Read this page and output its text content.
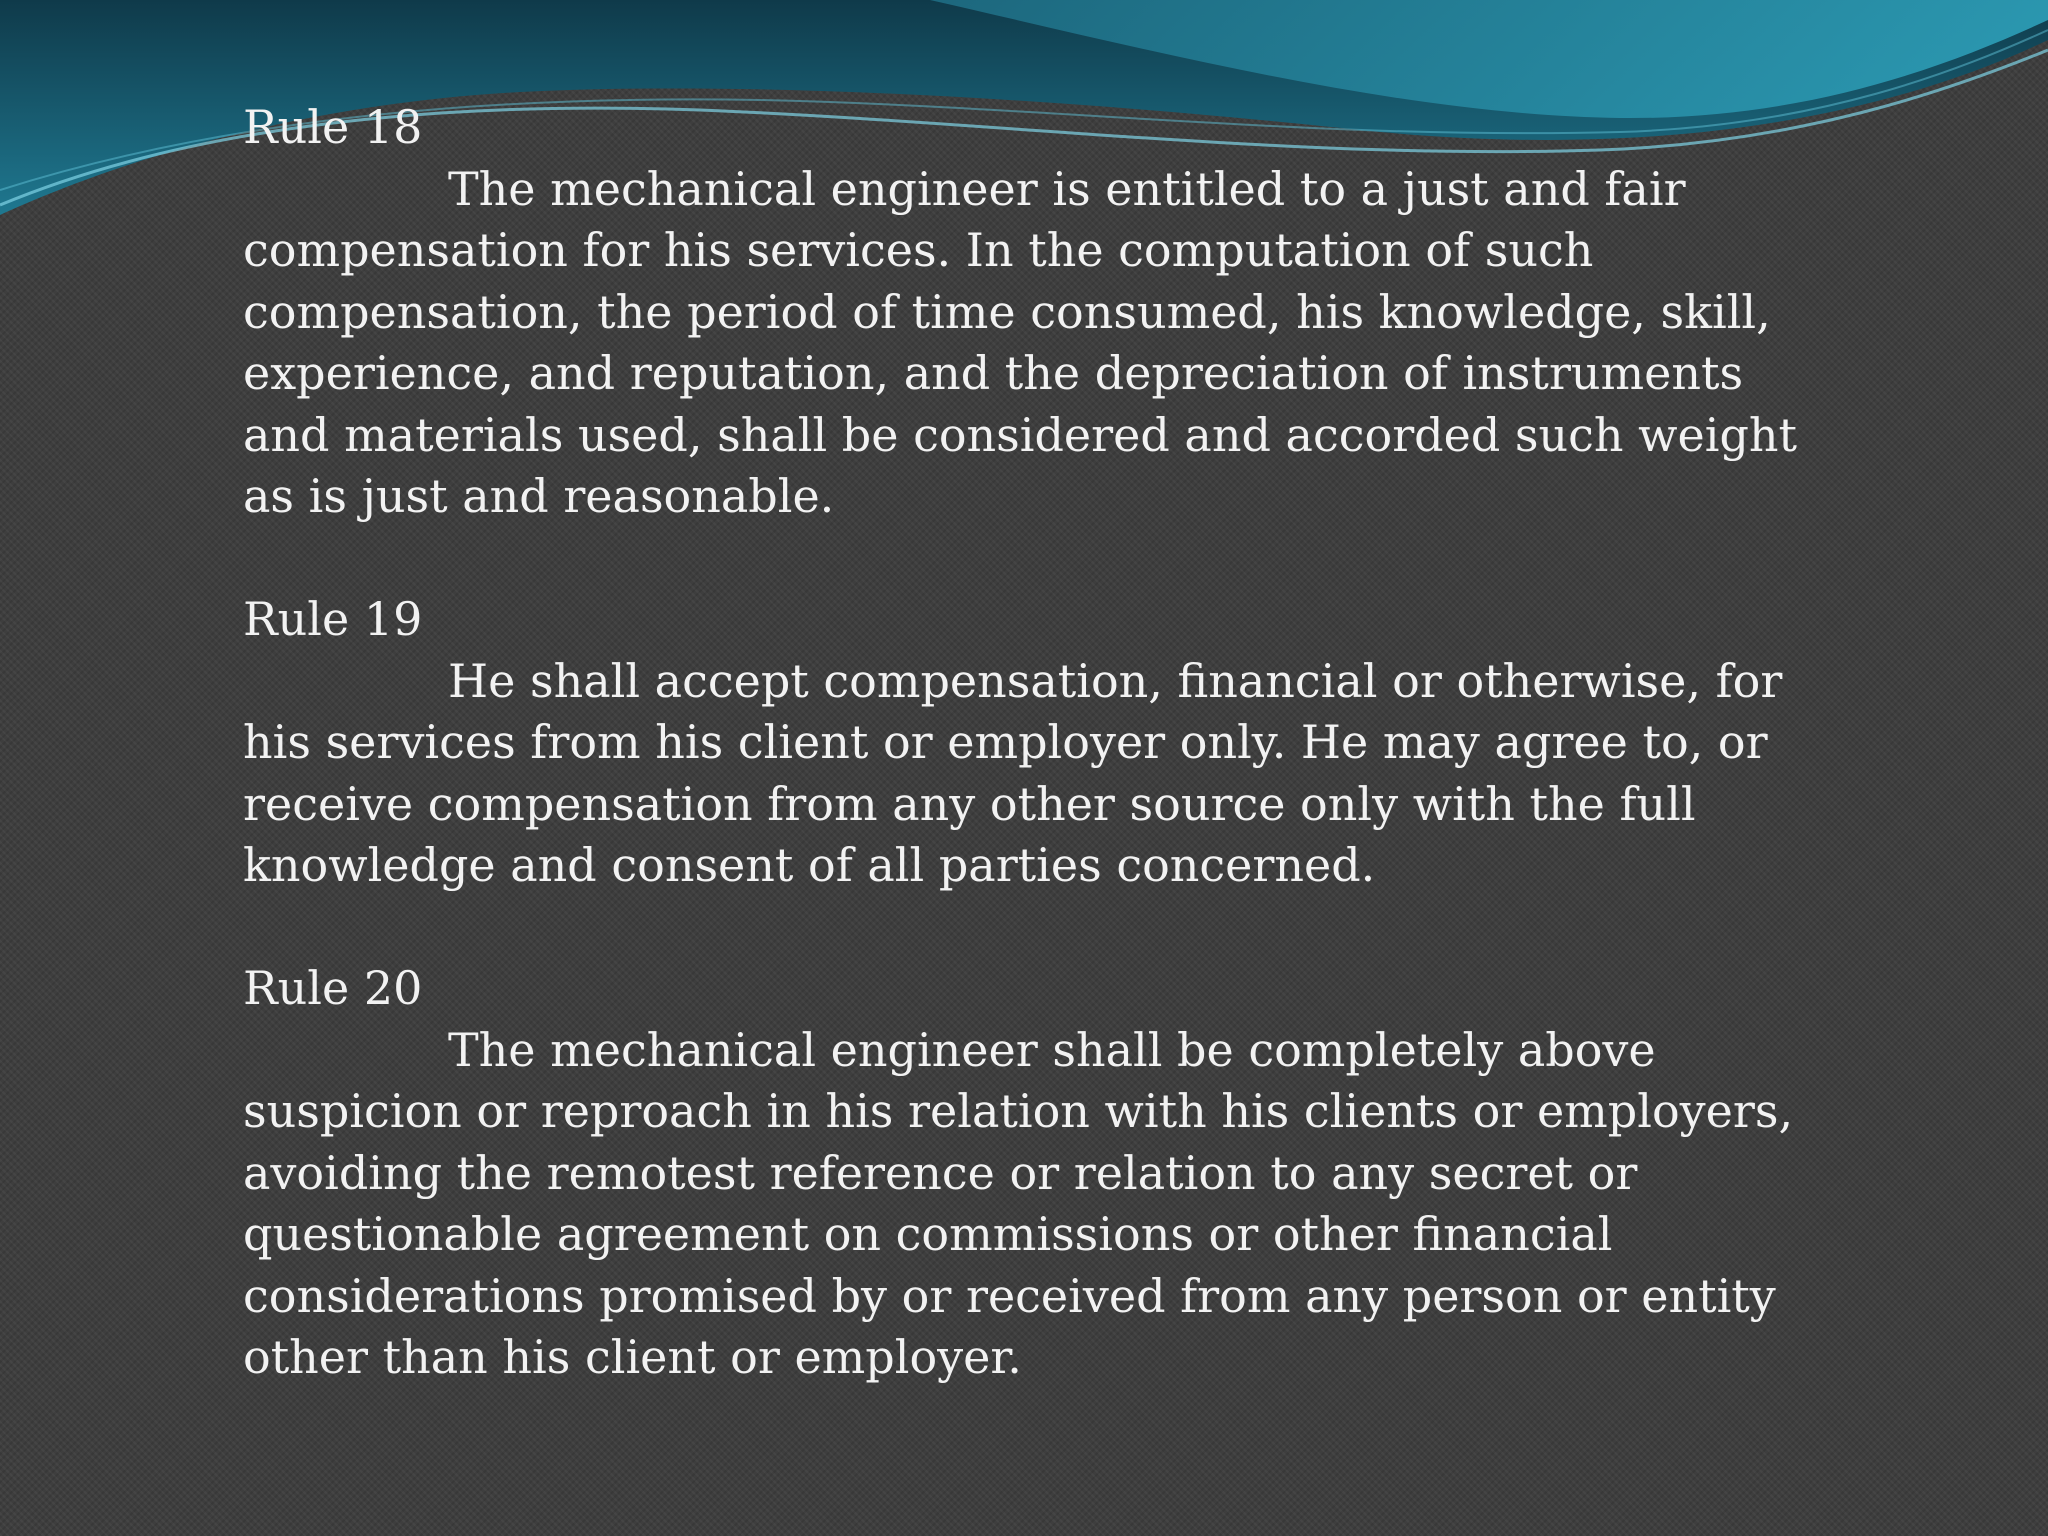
Rule 18

The mechanical engineer is entitled to a just and fair compensation for his services. In the computation of such compensation, the period of time consumed, his knowledge, skill, experience, and reputation, and the depreciation of instruments and materials used, shall be considered and accorded such weight as is just and reasonable.

Rule 19

He shall accept compensation, financial or otherwise, for his services from his client or employer only. He may agree to, or receive compensation from any other source only with the full knowledge and consent of all parties concerned.

Rule 20

The mechanical engineer shall be completely above suspicion or reproach in his relation with his clients or employers, avoiding the remotest reference or relation to any secret or questionable agreement on commissions or other financial considerations promised by or received from any person or entity other than his client or employer.
